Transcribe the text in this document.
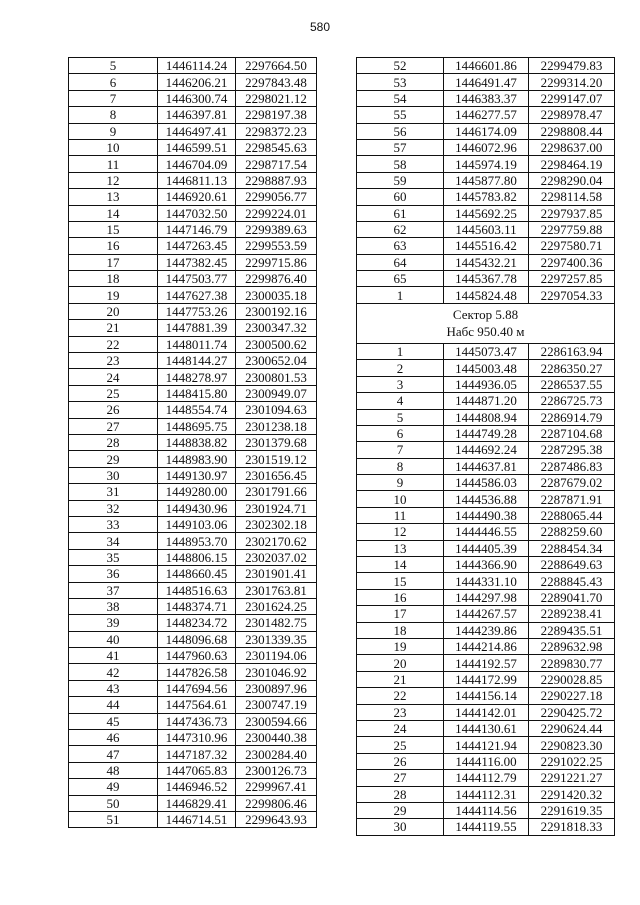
580
5	1446114.24	2297664.50
6	1446206.21	2297843.48
7	1446300.74	2298021.12
8	1446397.81	2298197.38
9	1446497.41	2298372.23
10	1446599.51	2298545.63
11	1446704.09	2298717.54
12	1446811.13	2298887.93
13	1446920.61	2299056.77
14	1447032.50	2299224.01
15	1447146.79	2299389.63
16	1447263.45	2299553.59
17	1447382.45	2299715.86
18	1447503.77	2299876.40
19	1447627.38	2300035.18
20	1447753.26	2300192.16
21	1447881.39	2300347.32
22	1448011.74	2300500.62
23	1448144.27	2300652.04
24	1448278.97	2300801.53
25	1448415.80	2300949.07
26	1448554.74	2301094.63
27	1448695.75	2301238.18
28	1448838.82	2301379.68
29	1448983.90	2301519.12
30	1449130.97	2301656.45
31	1449280.00	2301791.66
32	1449430.96	2301924.71
33	1449103.06	2302302.18
34	1448953.70	2302170.62
35	1448806.15	2302037.02
36	1448660.45	2301901.41
37	1448516.63	2301763.81
38	1448374.71	2301624.25
39	1448234.72	2301482.75
40	1448096.68	2301339.35
41	1447960.63	2301194.06
42	1447826.58	2301046.92
43	1447694.56	2300897.96
44	1447564.61	2300747.19
45	1447436.73	2300594.66
46	1447310.96	2300440.38
47	1447187.32	2300284.40
48	1447065.83	2300126.73
49	1446946.52	2299967.41
50	1446829.41	2299806.46
51	1446714.51	2299643.93
52	1446601.86	2299479.83
53	1446491.47	2299314.20
54	1446383.37	2299147.07
55	1446277.57	2298978.47
56	1446174.09	2298808.44
57	1446072.96	2298637.00
58	1445974.19	2298464.19
59	1445877.80	2298290.04
60	1445783.82	2298114.58
61	1445692.25	2297937.85
62	1445603.11	2297759.88
63	1445516.42	2297580.71
64	1445432.21	2297400.36
65	1445367.78	2297257.85
1	1445824.48	2297054.33

Сектор 5.88
Набс 950.40 м		

1	1445073.47	2286163.94
2	1445003.48	2286350.27
3	1444936.05	2286537.55
4	1444871.20	2286725.73
5	1444808.94	2286914.79
6	1444749.28	2287104.68
7	1444692.24	2287295.38
8	1444637.81	2287486.83
9	1444586.03	2287679.02
10	1444536.88	2287871.91
11	1444490.38	2288065.44
12	1444446.55	2288259.60
13	1444405.39	2288454.34
14	1444366.90	2288649.63
15	1444331.10	2288845.43
16	1444297.98	2289041.70
17	1444267.57	2289238.41
18	1444239.86	2289435.51
19	1444214.86	2289632.98
20	1444192.57	2289830.77
21	1444172.99	2290028.85
22	1444156.14	2290227.18
23	1444142.01	2290425.72
24	1444130.61	2290624.44
25	1444121.94	2290823.30
26	1444116.00	2291022.25
27	1444112.79	2291221.27
28	1444112.31	2291420.32
29	1444114.56	2291619.35
30	1444119.55	2291818.33
